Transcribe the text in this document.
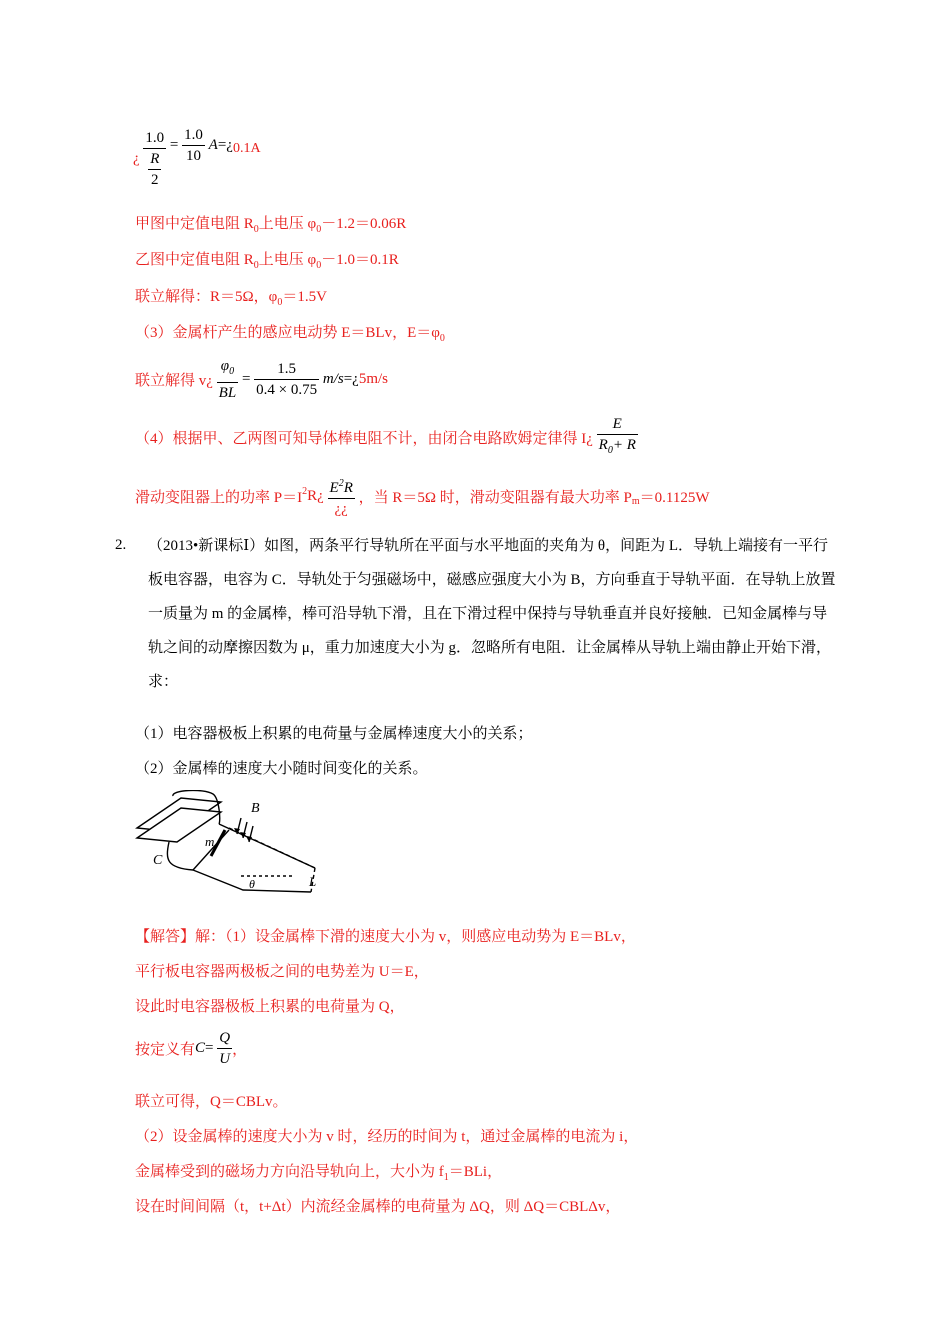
¿ $\frac{1.0}{\frac{R}{2}} = \frac{1.0}{10}$ A=¿0.1A
甲图中定值电阻 $R_0$上电压 $\varphi_0-1.2=0.06R$
乙图中定值电阻 $R_0$上电压 $\varphi_0-1.0=0.1R$
联立解得：R＝5Ω，$\varphi_0=1.5V$
（3）金属杆产生的感应电动势 E＝BLv，$E=\varphi_0$
联立解得 v¿ $\frac{\varphi_0}{BL} = \frac{1.5}{0.4 \times 0.75}$ m/s=¿5m/s
（4）根据甲、乙两图可知导体棒电阻不计，由闭合电路欧姆定律得 I¿ $\frac{E}{R_0+ R}$
滑动变阻器上的功率 $P=I^2R¿ \frac{E^2R}{¿¿}$ ，当 R＝5Ω 时，滑动变阻器有最大功率 $P_m=0.1125W$
2. （2013•新课标Ⅰ）如图，两条平行导轨所在平面与水平地面的夹角为 θ，间距为 L．导轨上端接有一平行板电容器，电容为 C．导轨处于匀强磁场中，磁感应强度大小为 B，方向垂直于导轨平面．在导轨上放置一质量为 m 的金属棒，棒可沿导轨下滑，且在下滑过程中保持与导轨垂直并良好接触．已知金属棒与导轨之间的动摩擦因数为 μ，重力加速度大小为 g．忽略所有电阻．让金属棒从导轨上端由静止开始下滑，求：
（1）电容器极板上积累的电荷量与金属棒速度大小的关系；
（2）金属棒的速度大小随时间变化的关系。
B
C
m
θ	L
【解答】解：（1）设金属棒下滑的速度大小为 v，则感应电动势为 E＝BLv，
平行板电容器两极板之间的电势差为 U＝E，
设此时电容器极板上积累的电荷量为 Q，
按定义有$C= \frac{Q}{U}$ ，
联立可得，Q＝CBLv。
（2）设金属棒的速度大小为 v 时，经历的时间为 t，通过金属棒的电流为 i，
金属棒受到的磁场力方向沿导轨向上，大小为 $f_1=BLi$，
设在时间间隔（t，t+Δt）内流经金属棒的电荷量为 ΔQ，则 ΔQ＝CBLΔv，
